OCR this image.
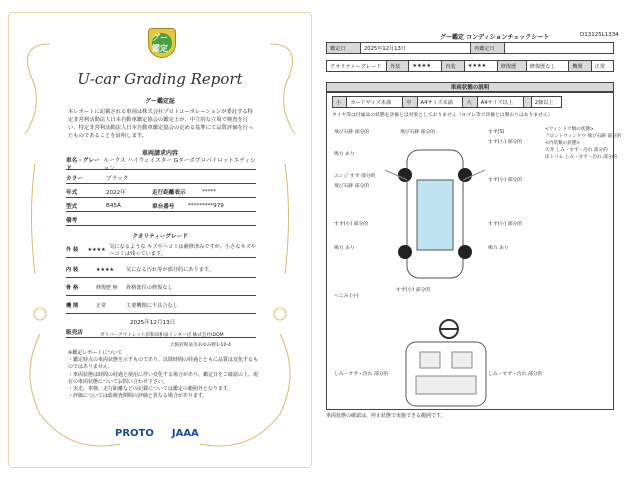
グー鑑定
U-car Grading Report
グー鑑定証
本レポートに記載される車両は株式会社プロトコーポレーションが委託する特定非営利活動法人日本自動車鑑定協会の鑑定士が、中立的な立場で検査を行い、特定非営利活動法人日本自動車鑑定協会の定める基準にて品質評価を行ったものであることを証明します。
車両請求内容
車名・グレード
ルークス ハイウェイスター Gターボプロパイロットエディション
カラー	ブラック
年式	2022年	走行距離表示	*****
型式	B45A	車台番号	*********979
備考
クオリティーグレード
外 装	★★★★ 気になるような キズやヘコミは補修済みですが、小さなキズやヘコミは残っています。
内 装	★★★★	気になる汚れ等が部分的にあります。
骨 格	修復歴 無	骨格部位の修復なし
機 関	正常	主要機関に不具合なし
2025年12月13日
販売店	ガリバーアウトレット岸和田和泉インター店 株式会社IDOM
大阪府和泉市あゆみ野1-10-4
※鑑定レポートについて
・鑑定時点の車両状態を示すものであり、以降時間の経過とともに品質は変化するものではありません。
・車両状態は時間の経過と使用に伴い変化する場合があり、鑑定日をご確認の上、現在の車両状態についてお問い合わせ下さい。
・実走、車検、走行距離などの記載については鑑定の範囲外となります。
・評価については総検査期間の評価と異なる場合があります。
PROTO JAAA
グー鑑定 コンディションチェックシート	D13125L1334
鑑定日	2025年12月13日	再鑑定日	
クオリティーグレード	外装	★★★★	内装	★★★★	修復歴	修復歴なし	機関	正常
車両状態の説明
小	カードサイズ未満	中	A4サイズ未満	大	A4サイズ以上		2個以上
タイヤ等は付属品の状態を評価とは対象としておりません（ヨゴレ等で評価とは関わりはありません）
飛び石跡 部分的	飛び石跡 部分的	すず(S)
すず(ち) 部分的
鳴力 あり
エンジ すず 部分的
飛び石跡 部分的
すず(小) 部分的
すず(小) 部分的	すず(小) 部分的
鳴力 あり	鳴力 あり
へこみ (小)
すず(小) 部分的
しみ・すず・汚れ 部分的	しみ・すず・汚れ 部分的
<ウィンドウ類の状態>
フロントウィンドウ 飛び石跡 部分的
<内装類の状態>
天井 しみ・すず・汚れ 部分的
床トリム しみ・すず・汚れ 部分的
車両状態の確認は、停止状態で実施できる範囲です。
